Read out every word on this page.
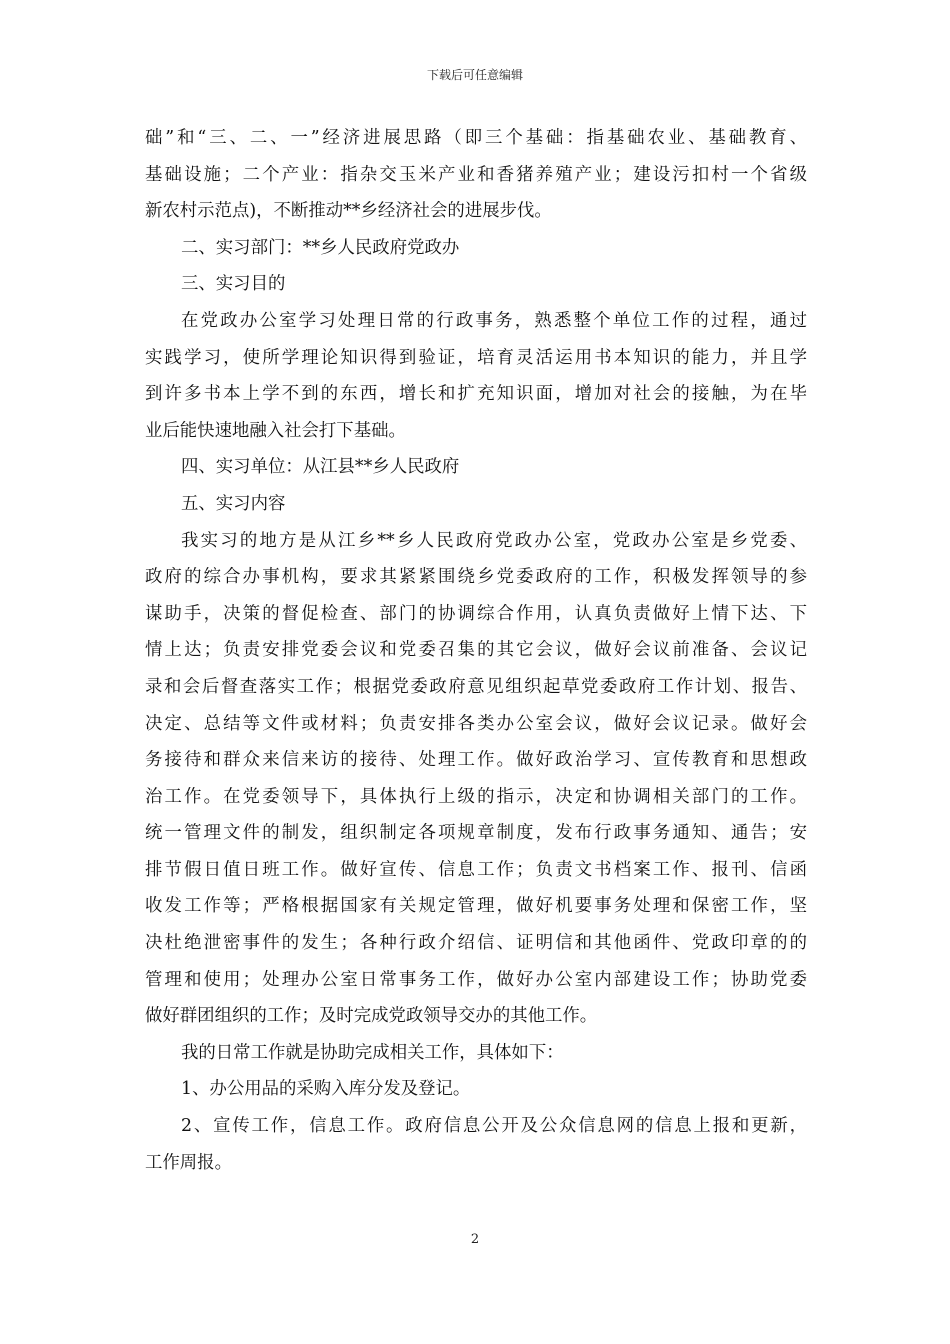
下载后可任意编辑
础”和“三、二、一”经济进展思路（即三个基础：指基础农业、基础教育、
基础设施；二个产业：指杂交玉米产业和香猪养殖产业；建设污扣村一个省级
新农村示范点)，不断推动**乡经济社会的进展步伐。
二、实习部门：**乡人民政府党政办
三、实习目的
在党政办公室学习处理日常的行政事务，熟悉整个单位工作的过程，通过
实践学习，使所学理论知识得到验证，培育灵活运用书本知识的能力，并且学
到许多书本上学不到的东西，增长和扩充知识面，增加对社会的接触，为在毕
业后能快速地融入社会打下基础。
四、实习单位：从江县**乡人民政府
五、实习内容
我实习的地方是从江乡**乡人民政府党政办公室，党政办公室是乡党委、
政府的综合办事机构，要求其紧紧围绕乡党委政府的工作，积极发挥领导的参
谋助手，决策的督促检查、部门的协调综合作用，认真负责做好上情下达、下
情上达；负责安排党委会议和党委召集的其它会议，做好会议前准备、会议记
录和会后督查落实工作；根据党委政府意见组织起草党委政府工作计划、报告、
决定、总结等文件或材料；负责安排各类办公室会议，做好会议记录。做好会
务接待和群众来信来访的接待、处理工作。做好政治学习、宣传教育和思想政
治工作。在党委领导下，具体执行上级的指示，决定和协调相关部门的工作。
统一管理文件的制发，组织制定各项规章制度，发布行政事务通知、通告；安
排节假日值日班工作。做好宣传、信息工作；负责文书档案工作、报刊、信函
收发工作等；严格根据国家有关规定管理，做好机要事务处理和保密工作，坚
决杜绝泄密事件的发生；各种行政介绍信、证明信和其他函件、党政印章的的
管理和使用；处理办公室日常事务工作，做好办公室内部建设工作；协助党委
做好群团组织的工作；及时完成党政领导交办的其他工作。
我的日常工作就是协助完成相关工作，具体如下：
1、办公用品的采购入库分发及登记。
2、宣传工作，信息工作。政府信息公开及公众信息网的信息上报和更新，
工作周报。
2
